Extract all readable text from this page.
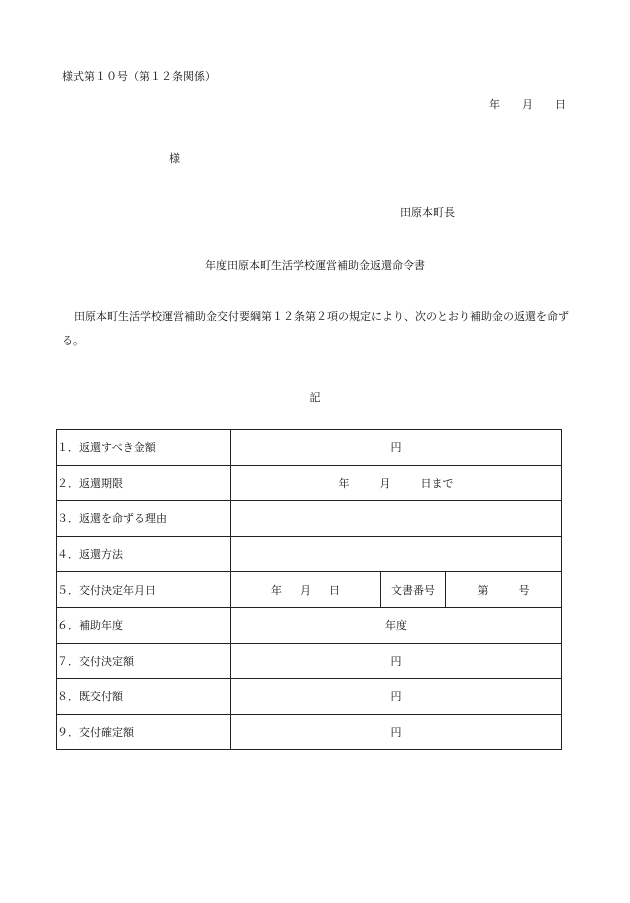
様式第１０号（第１２条関係）
年 月 日
様
田原本町長
年度田原本町生活学校運営補助金返還命令書
田原本町生活学校運営補助金交付要綱第１２条第２項の規定により、次のとおり補助金の返還を命ずる。
記
１．返還すべき金額	円		
２．返還期限	年 月 日まで		
３．返還を命ずる理由			
４．返還方法			
５．交付決定年月日	年 月 日	文書番号	第 号
６．補助年度	年度		
７．交付決定額	円		
８．既交付額	円		
９．交付確定額	円		
